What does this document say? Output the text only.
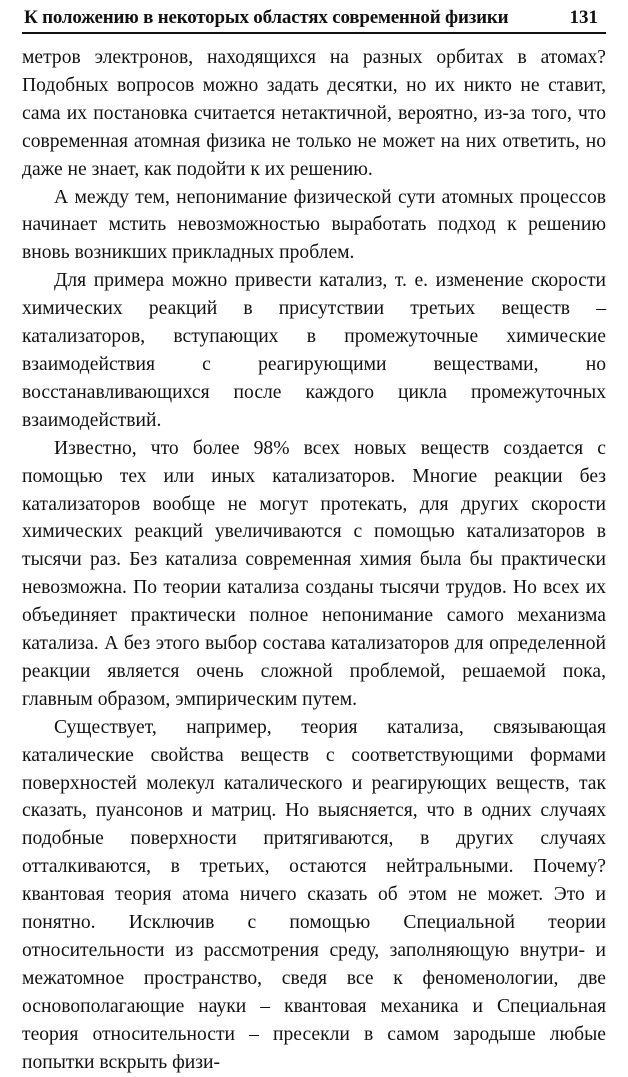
К положению в некоторых областях современной физики	131

метров электронов, находящихся на разных орбитах в атомах? Подобных вопросов можно задать десятки, но их никто не ставит, сама их постановка считается нетактичной, вероятно, из-за того, что современная атомная физика не только не может на них ответить, но даже не знает, как подойти к их решению.

А между тем, непонимание физической сути атомных процессов начинает мстить невозможностью выработать подход к решению вновь возникших прикладных проблем.

Для примера можно привести катализ, т. е. изменение скорости химических реакций в присутствии третьих веществ – катализаторов, вступающих в промежуточные химические взаимодействия с реагирующими веществами, но восстанавливающихся после каждого цикла промежуточных взаимодействий.

Известно, что более 98% всех новых веществ создается с помощью тех или иных катализаторов. Многие реакции без катализаторов вообще не могут протекать, для других скорости химических реакций увеличиваются с помощью катализаторов в тысячи раз. Без катализа современная химия была бы практически невозможна. По теории катализа созданы тысячи трудов. Но всех их объединяет практически полное непонимание самого механизма катализа. А без этого выбор состава катализаторов для определенной реакции является очень сложной проблемой, решаемой пока, главным образом, эмпирическим путем.

Существует, например, теория катализа, связывающая каталические свойства веществ с соответствующими формами поверхностей молекул каталического и реагирующих веществ, так сказать, пуансонов и матриц. Но выясняется, что в одних случаях подобные поверхности притягиваются, в других случаях отталкиваются, в третьих, остаются нейтральными. Почему? квантовая теория атома ничего сказать об этом не может. Это и понятно. Исключив с помощью Специальной теории относительности из рассмотрения среду, заполняющую внутри- и межатомное пространство, сведя все к феноменологии, две основополагающие науки – квантовая механика и Специальная теория относительности – пресекли в самом зародыше любые попытки вскрыть физи-
